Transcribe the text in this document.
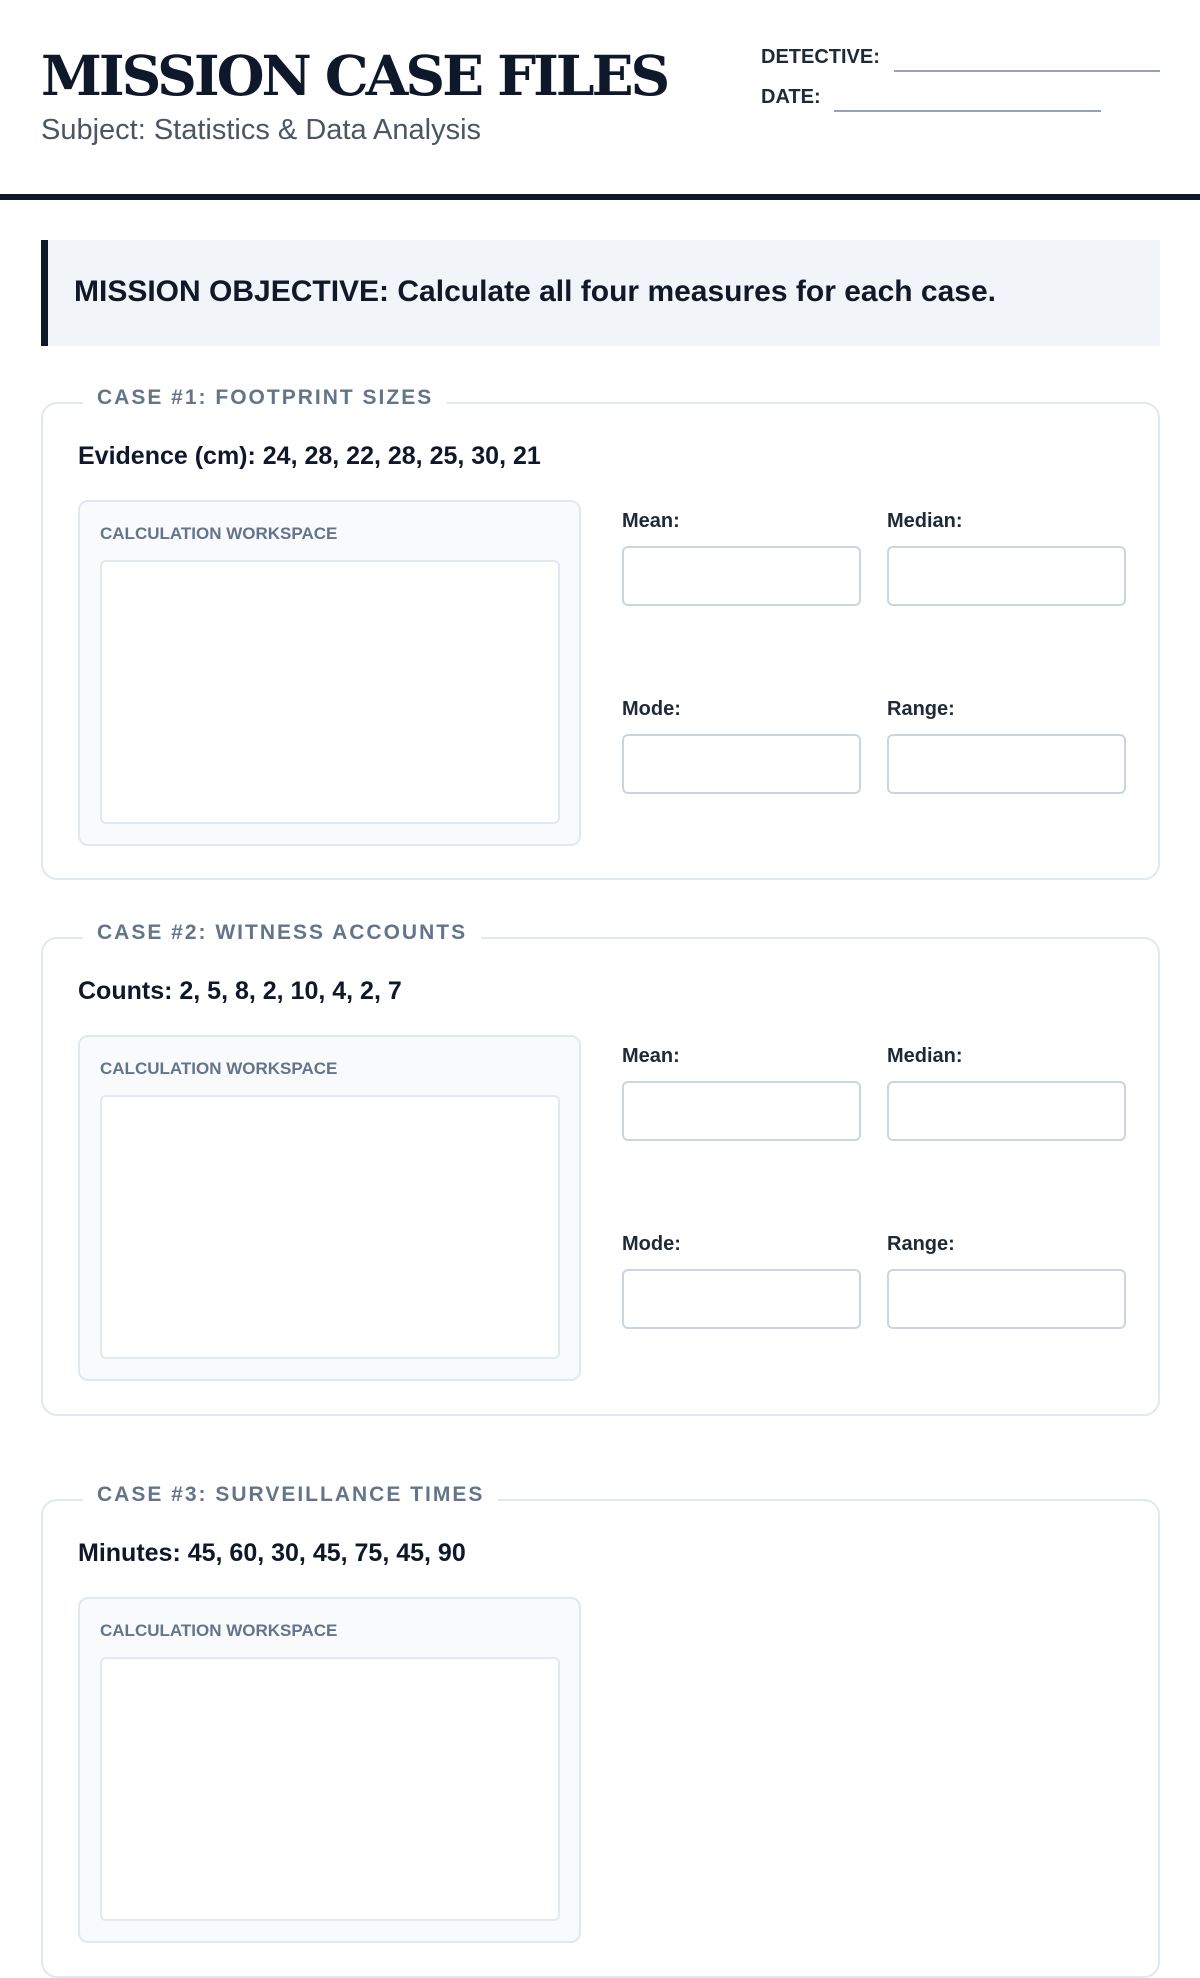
MISSION CASE FILES
Subject: Statistics & Data Analysis
DETECTIVE:
DATE:
MISSION OBJECTIVE: Calculate all four measures for each case.
CASE #1: FOOTPRINT SIZES
Evidence (cm): 24, 28, 22, 28, 25, 30, 21
CALCULATION WORKSPACE
Mean:	Median:
Mode:	Range:
CASE #2: WITNESS ACCOUNTS
Counts: 2, 5, 8, 2, 10, 4, 2, 7
CALCULATION WORKSPACE
Mean:	Median:
Mode:	Range:
CASE #3: SURVEILLANCE TIMES
Minutes: 45, 60, 30, 45, 75, 45, 90
CALCULATION WORKSPACE
